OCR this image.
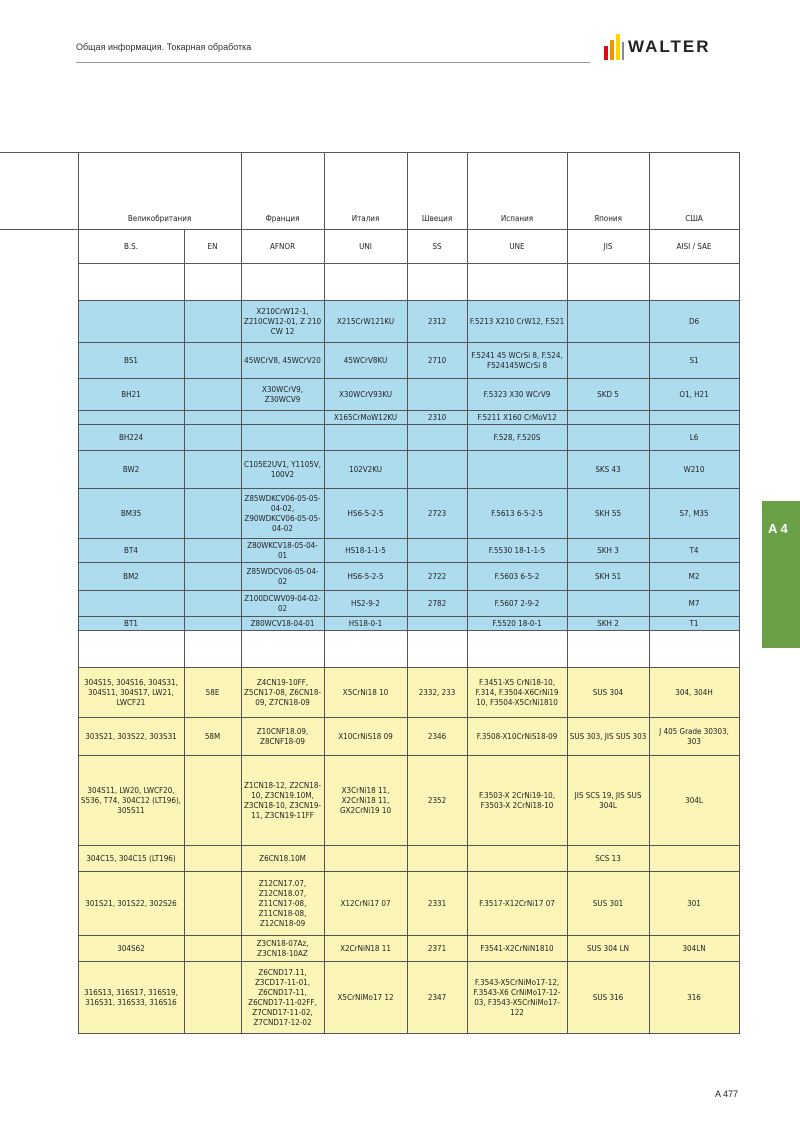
Общая информация. Токарная обработка	WALTER
A 4
	Великобритания		Франция	Италия	Швеция	Испания	Япония	США
	B.S.	EN	AFNOR	UNI	SS	UNE	JIS	AISI / SAE

			X210CrW12-1, Z210CW12-01, Z 210 CW 12	X215CrW121KU	2312	F.5213 X210 CrW12, F.521		D6
	BS1		45WCrV8, 45WCrV20	45WCrV8KU	2710	F.5241 45 WCrSi 8, F.524, F524145WCrSi 8		S1
	BH21		X30WCrV9, Z30WCV9	X30WCrV93KU		F.5323 X30 WCrV9	SKD 5	O1, H21
				X165CrMoW12KU	2310	F.5211 X160 CrMoV12		
	BH224					F.528, F.520S		L6
	BW2		C105E2UV1, Y1105V, 100V2	102V2KU			SKS 43	W210
	BM35		Z85WDKCV06-05-05-04-02, Z90WDKCV06-05-05-04-02	HS6-5-2-5	2723	F.5613 6-5-2-5	SKH 55	S7, M35
	BT4		Z80WKCV18-05-04-01	HS18-1-1-5		F.5530 18-1-1-5	SKH 3	T4
	BM2		Z85WDCV06-05-04-02	HS6-5-2-5	2722	F.5603 6-5-2	SKH 51	M2
			Z100DCWV09-04-02-02	HS2-9-2	2782	F.5607 2-9-2		M7
	BT1		Z80WCV18-04-01	HS18-0-1		F.5520 18-0-1	SKH 2	T1

	304S15, 304S16, 304S31, 304S11, 304S17, LW21, LWCF21	58E	Z4CN19-10FF, Z5CN17-08, Z6CN18-09, Z7CN18-09	X5CrNi18 10	2332, 233	F.3451-X5 CrNi18-10, F.314, F.3504-X6CrNi19 10, F3504-X5CrNi1810	SUS 304	304, 304H
	303S21, 303S22, 303S31	58M	Z10CNF18.09, Z8CNF18-09	X10CrNiS18 09	2346	F.3508-X10CrNiS18-09	SUS 303, JIS SUS 303	J 405 Grade 30303, 303
	304S11, LW20, LWCF20, S536, T74, 304C12 (LT196), 305S11		Z1CN18-12, Z2CN18-10, Z3CN19.10M, Z3CN18-10, Z3CN19-11, Z3CN19-11FF	X3CrNi18 11, X2CrNi18 11, GX2CrNi19 10	2352	F.3503-X 2CrNi19-10, F3503-X 2CrNi18-10	JIS SCS 19, JIS SUS 304L	304L
	304C15, 304C15 (LT196)		Z6CN18.10M				SCS 13	
	301S21, 301S22, 302S26		Z12CN17.07, Z12CN18.07, Z11CN17-08, Z11CN18-08, Z12CN18-09	X12CrNi17 07	2331	F.3517-X12CrNi17 07	SUS 301	301
	304S62		Z3CN18-07Az, Z3CN18-10AZ	X2CrNiN18 11	2371	F3541-X2CrNiN1810	SUS 304 LN	304LN
	316S13, 316S17, 316S19, 316S31, 316S33, 316S16		Z6CND17.11, Z3CD17-11-01, Z6CND17-11, Z6CND17-11-02FF, Z7CND17-11-02, Z7CND17-12-02	X5CrNiMo17 12	2347	F.3543-X5CrNiMo17-12, F.3543-X6 CrNiMo17-12-03, F3543-X5CrNiMo17-122	SUS 316	316
A 477
